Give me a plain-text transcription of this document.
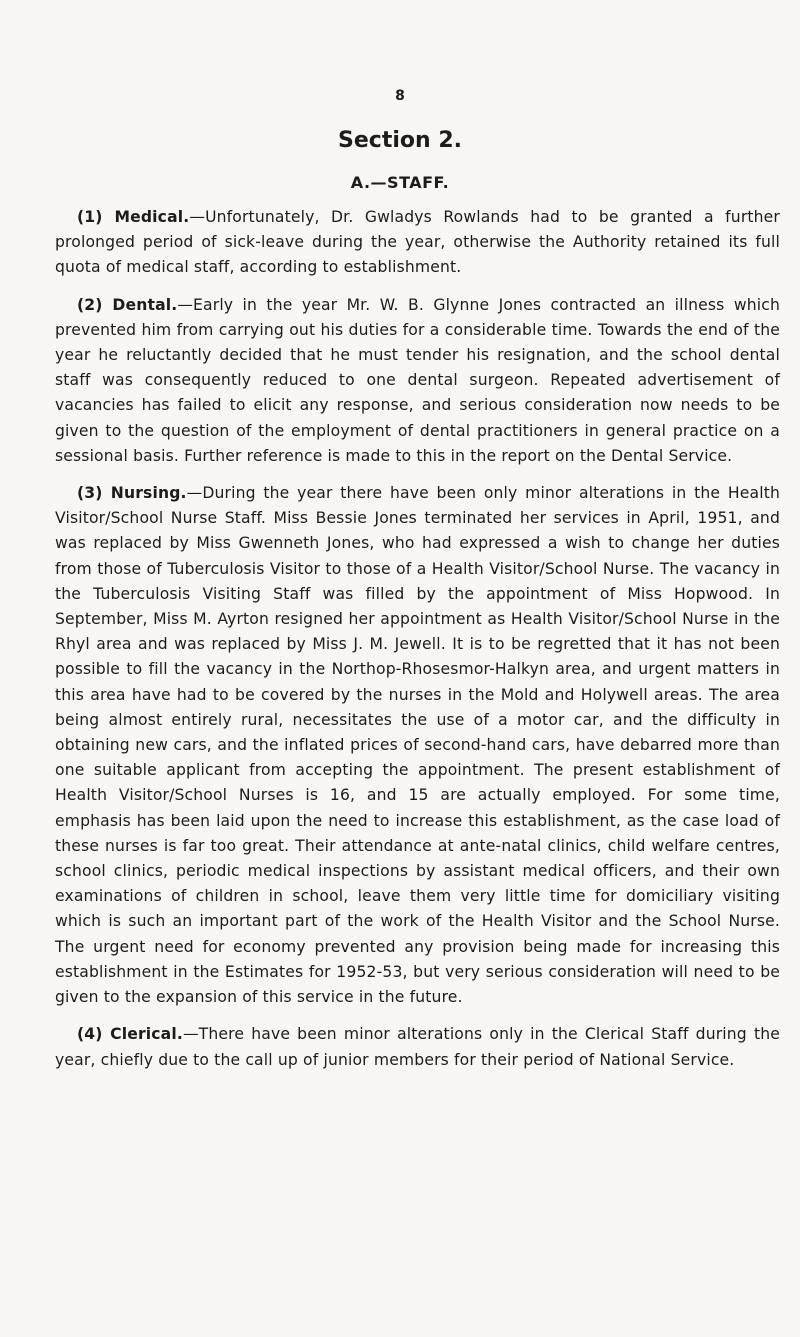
8
Section 2.
A.—STAFF.

(1) Medical.—Unfortunately, Dr. Gwladys Rowlands had to be granted a further prolonged period of sick-leave during the year, otherwise the Authority retained its full quota of medical staff, according to establishment.

(2) Dental.—Early in the year Mr. W. B. Glynne Jones contracted an illness which prevented him from carrying out his duties for a considerable time. Towards the end of the year he reluctantly decided that he must tender his resignation, and the school dental staff was consequently reduced to one dental surgeon. Repeated advertisement of vacancies has failed to elicit any response, and serious consideration now needs to be given to the question of the employment of dental practitioners in general practice on a sessional basis. Further reference is made to this in the report on the Dental Service.

(3) Nursing.—During the year there have been only minor alterations in the Health Visitor/School Nurse Staff. Miss Bessie Jones terminated her services in April, 1951, and was replaced by Miss Gwenneth Jones, who had expressed a wish to change her duties from those of Tuberculosis Visitor to those of a Health Visitor/School Nurse. The vacancy in the Tuberculosis Visiting Staff was filled by the appointment of Miss Hopwood. In September, Miss M. Ayrton resigned her appointment as Health Visitor/School Nurse in the Rhyl area and was replaced by Miss J. M. Jewell. It is to be regretted that it has not been possible to fill the vacancy in the Northop-Rhosesmor-Halkyn area, and urgent matters in this area have had to be covered by the nurses in the Mold and Holywell areas. The area being almost entirely rural, necessitates the use of a motor car, and the difficulty in obtaining new cars, and the inflated prices of second-hand cars, have debarred more than one suitable applicant from accepting the appointment. The present establishment of Health Visitor/School Nurses is 16, and 15 are actually employed. For some time, emphasis has been laid upon the need to increase this establishment, as the case load of these nurses is far too great. Their attendance at ante-natal clinics, child welfare centres, school clinics, periodic medical inspections by assistant medical officers, and their own examinations of children in school, leave them very little time for domiciliary visiting which is such an important part of the work of the Health Visitor and the School Nurse. The urgent need for economy prevented any provision being made for increasing this establishment in the Estimates for 1952-53, but very serious consideration will need to be given to the expansion of this service in the future.

(4) Clerical.—There have been minor alterations only in the Clerical Staff during the year, chiefly due to the call up of junior members for their period of National Service.
